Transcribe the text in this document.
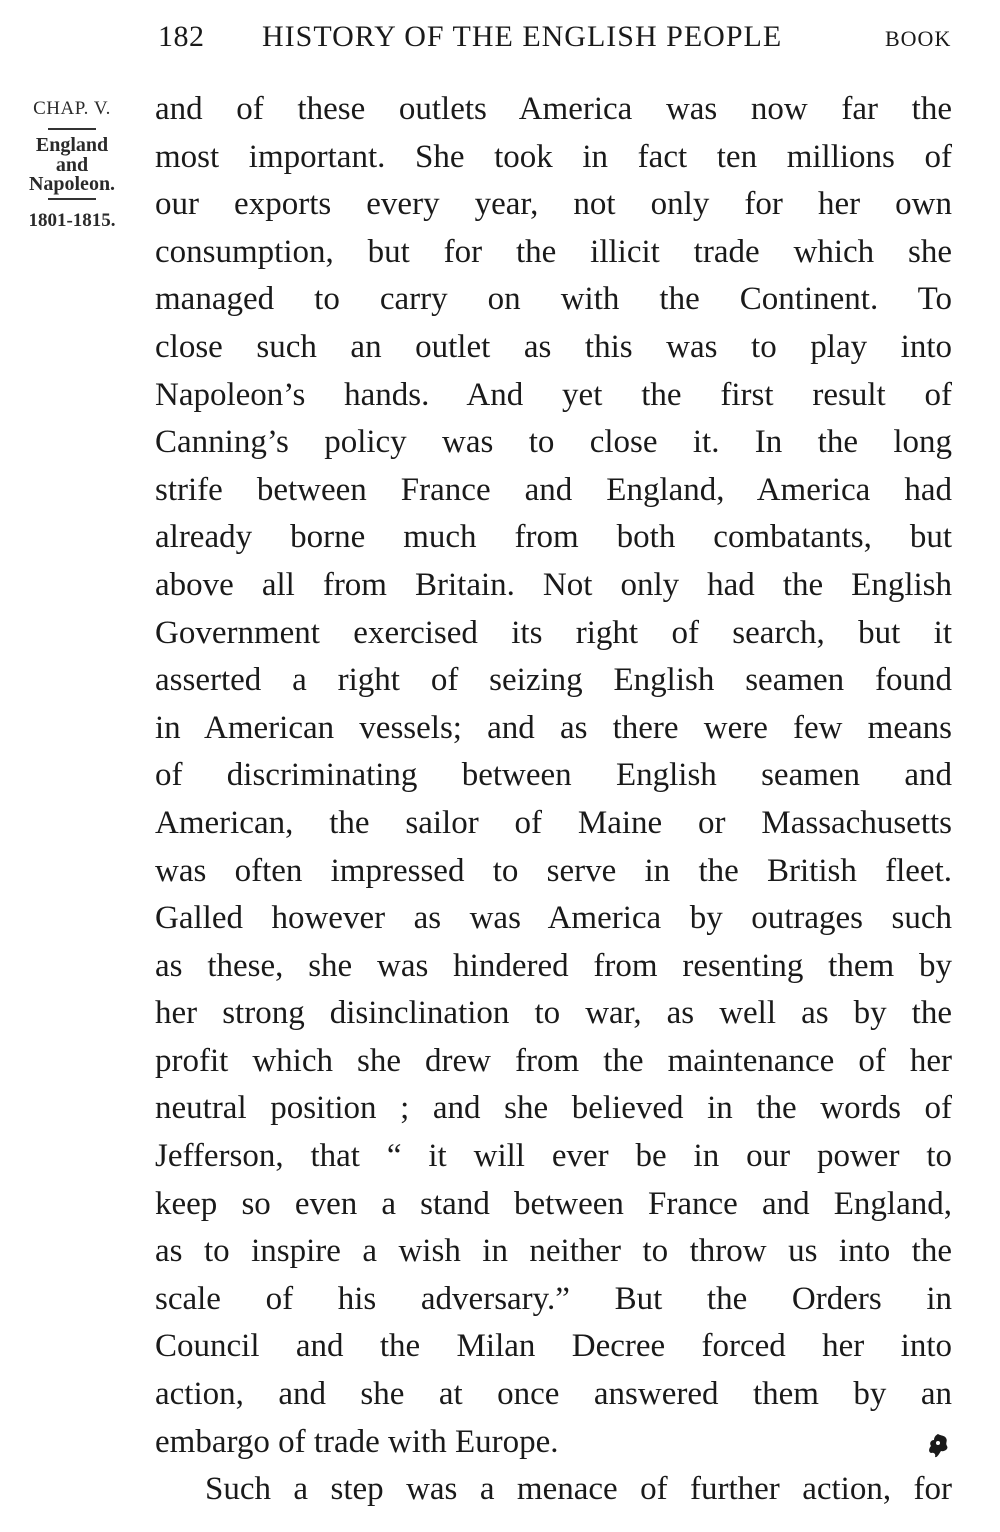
182 HISTORY OF THE ENGLISH PEOPLE	BOOK
CHAP. V.
England
and
Napoleon.
1801-1815.
and of these outlets America was now far the
most important. She took in fact ten millions of
our exports every year, not only for her own
consumption, but for the illicit trade which she
managed to carry on with the Continent. To
close such an outlet as this was to play into
Napoleon’s hands. And yet the first result of
Canning’s policy was to close it. In the long
strife between France and England, America had
already borne much from both combatants, but
above all from Britain. Not only had the English
Government exercised its right of search, but it
asserted a right of seizing English seamen found
in American vessels; and as there were few means
of discriminating between English seamen and
American, the sailor of Maine or Massachusetts
was often impressed to serve in the British fleet.
Galled however as was America by outrages such
as these, she was hindered from resenting them by
her strong disinclination to war, as well as by the
profit which she drew from the maintenance of her
neutral position ; and she believed in the words of
Jefferson, that “ it will ever be in our power to
keep so even a stand between France and England,
as to inspire a wish in neither to throw us into the
scale of his adversary.” But the Orders in
Council and the Milan Decree forced her into
action, and she at once answered them by an
embargo of trade with Europe.
Such a step was a menace of further action, for
